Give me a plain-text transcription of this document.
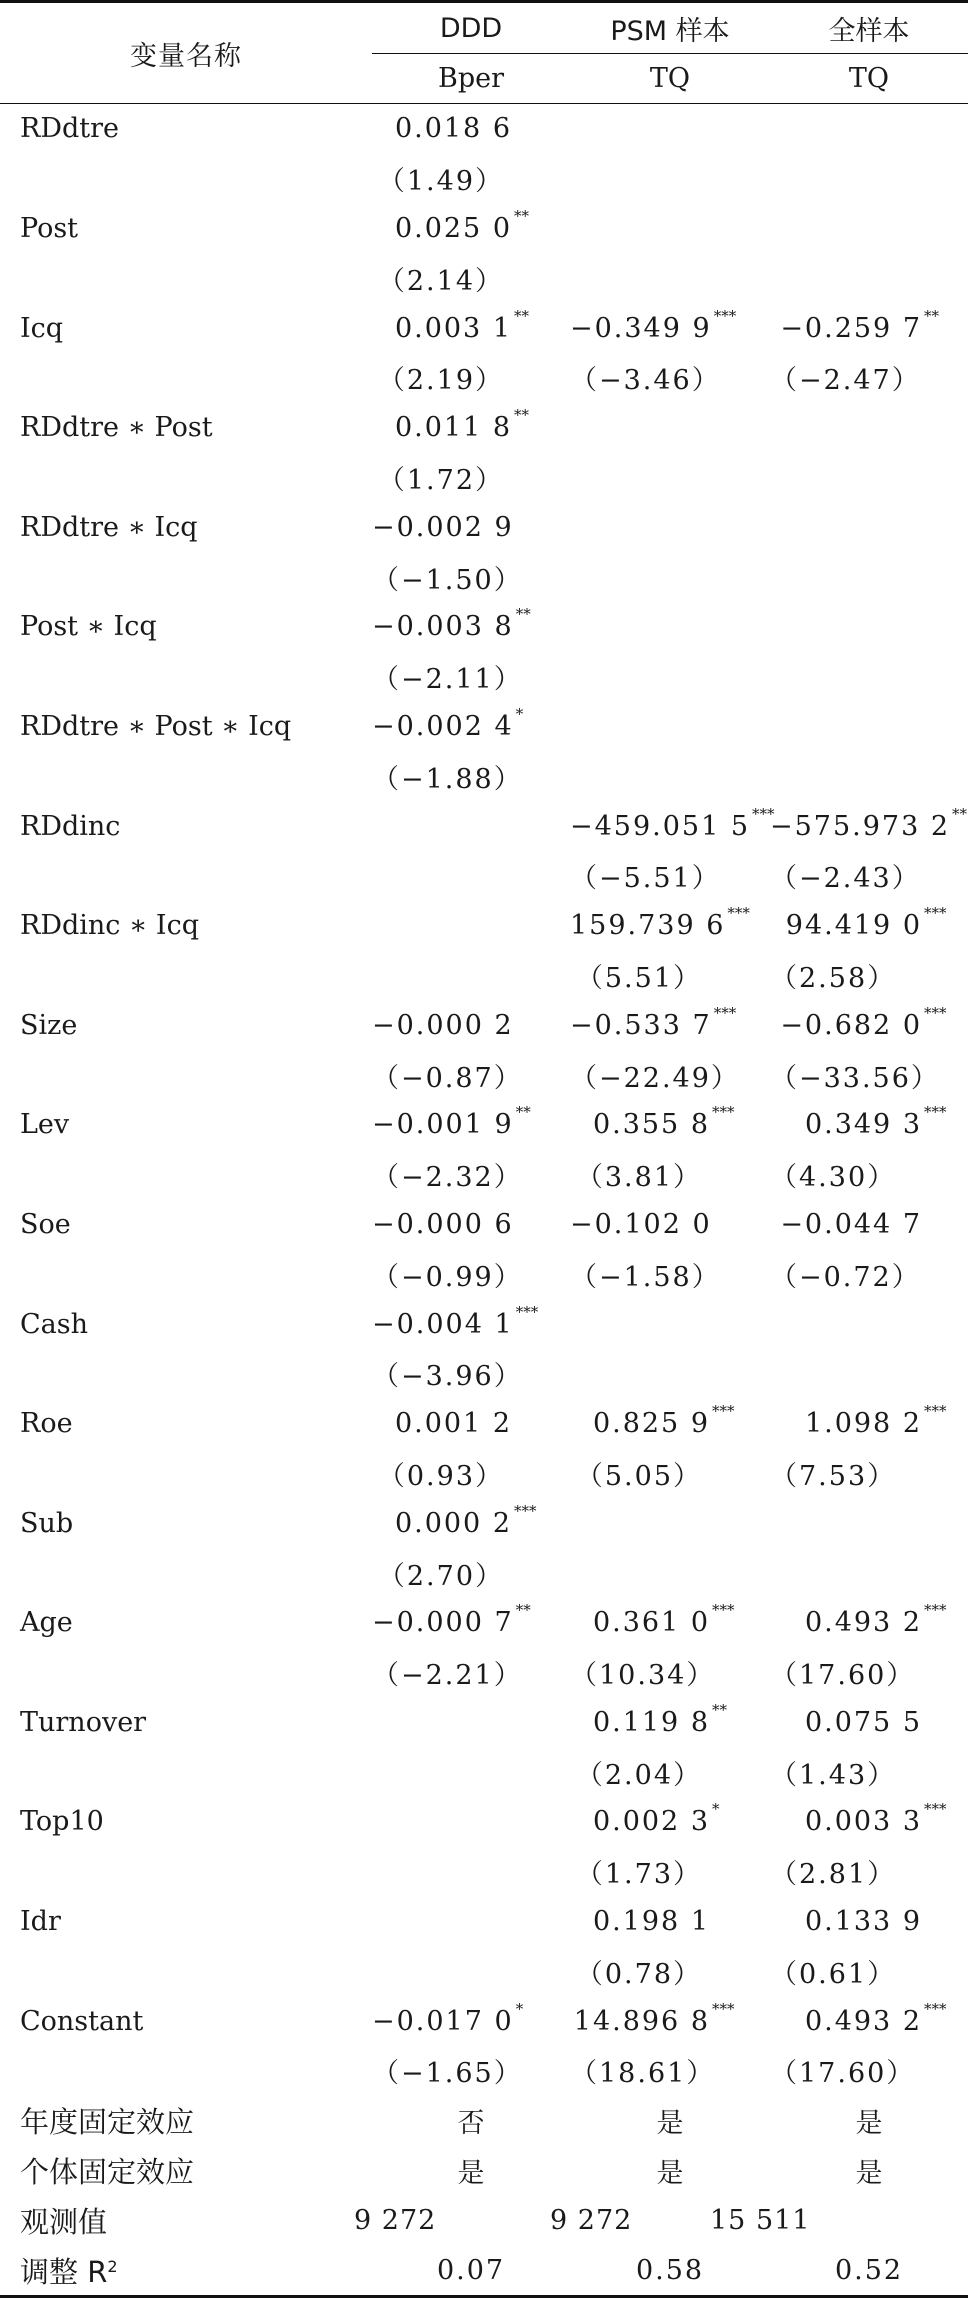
变量名称	DDD	PSM 样本	全样本
	Bper	TQ	TQ
RDdtre	0.018 6

	（1.49）		
Post	0.025 0 **		

	（2.14）		
Icq	0.003 1 **	−0.349 9 ***	−0.259 7 **

	（2.19）	（−3.46）	（−2.47）
RDdtre ∗ Post	0.011 8 **		

	（1.72）		
RDdtre ∗ Icq	−0.002 9

	（−1.50）		
Post ∗ Icq	−0.003 8 **		

	（−2.11）		
RDdtre ∗ Post ∗ Icq	−0.002 4 *		

	（−1.88）		
RDdinc		−459.051 5 ***	−575.973 2 **

		（−5.51）	（−2.43）
RDdinc ∗ Icq		159.739 6 ***	94.419 0 ***

		（5.51）	（2.58）
Size	−0.000 2	−0.533 7 ***	−0.682 0 ***

	（−0.87）	（−22.49）	（−33.56）
Lev	−0.001 9 **	0.355 8 ***	0.349 3 ***

	（−2.32）	（3.81）	（4.30）
Soe	−0.000 6	−0.102 0	−0.044 7

	（−0.99）	（−1.58）	（−0.72）
Cash	−0.004 1 ***		

	（−3.96）		
Roe	0.001 2	0.825 9 ***	1.098 2 ***

	（0.93）	（5.05）	（7.53）
Sub	0.000 2 ***		

	（2.70）		
Age	−0.000 7 **	0.361 0 ***	0.493 2 ***

	（−2.21）	（10.34）	（17.60）
Turnover		0.119 8 **	0.075 5

		（2.04）	（1.43）
Top10		0.002 3 *	0.003 3 ***

		（1.73）	（2.81）
Idr		0.198 1	0.133 9

		（0.78）	（0.61）
Constant	−0.017 0 *	14.896 8 ***	0.493 2 ***

	（−1.65）	（18.61）	（17.60）
年度固定效应	否	是	是
个体固定效应	是	是	是
观测值	9 272	9 272	15 511
调整 $R^2$	0.07	0.58	0.52
